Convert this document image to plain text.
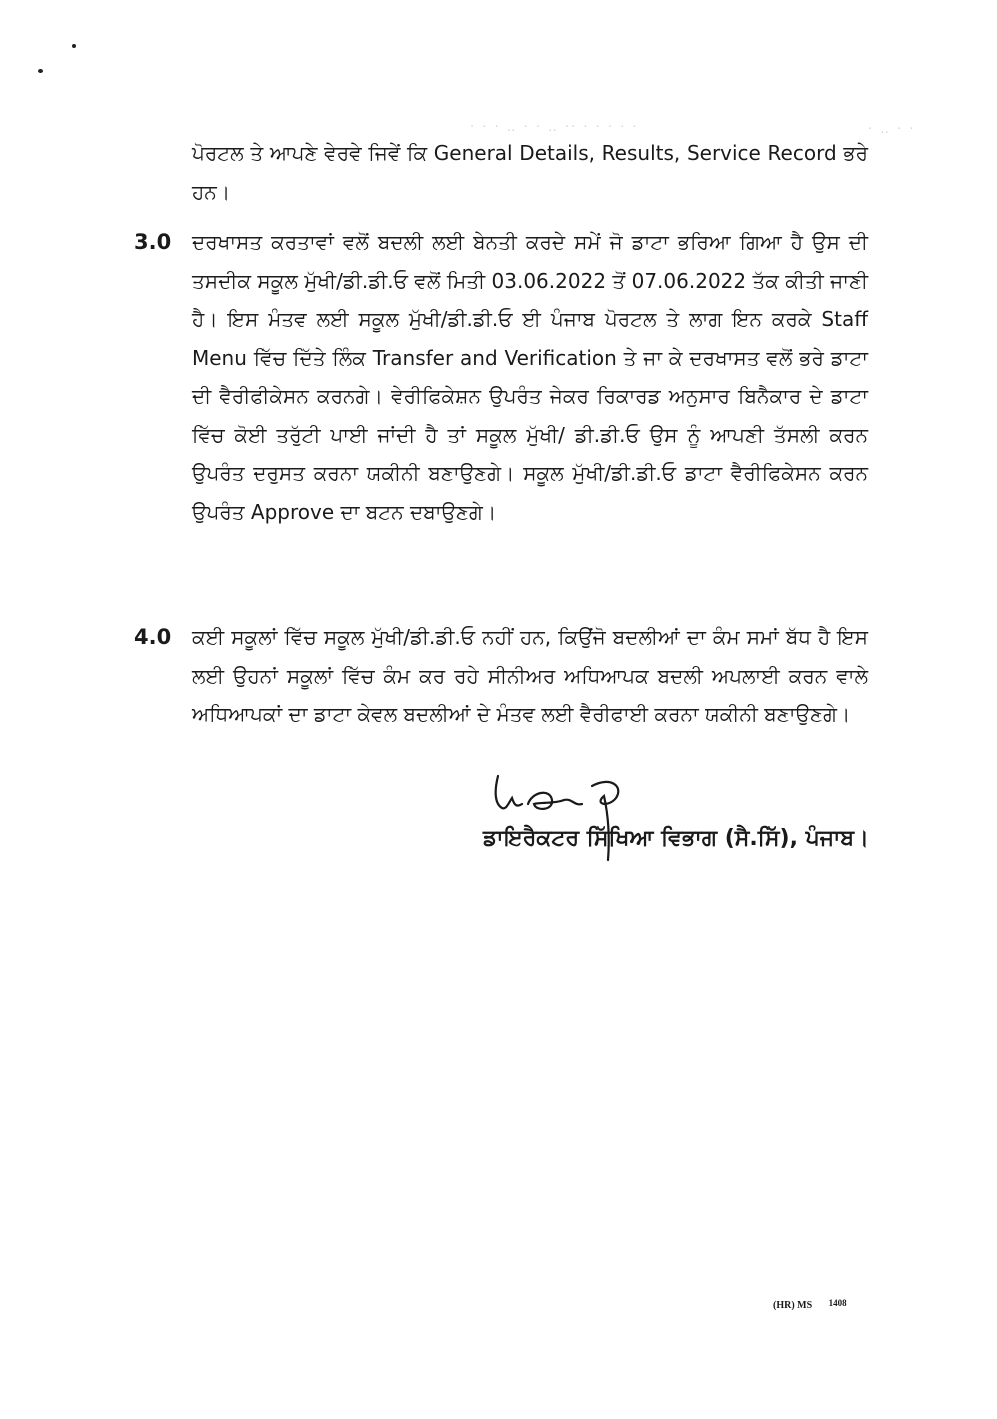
· · · ‥ · · ‥ ·· · · · · ·	· ‥ · ·

ਪੋਰਟਲ ਤੇ ਆਪਣੇ ਵੇਰਵੇ ਜਿਵੇਂ ਕਿ General Details, Results, Service Record ਭਰੇ ਹਨ।

3.0 ਦਰਖਾਸਤ ਕਰਤਾਵਾਂ ਵਲੋਂ ਬਦਲੀ ਲਈ ਬੇਨਤੀ ਕਰਦੇ ਸਮੇਂ ਜੋ ਡਾਟਾ ਭਰਿਆ ਗਿਆ ਹੈ ਉਸ ਦੀ ਤਸਦੀਕ ਸਕੂਲ ਮੁੱਖੀ/ਡੀ.ਡੀ.ਓ ਵਲੋਂ ਮਿਤੀ 03.06.2022 ਤੋਂ 07.06.2022 ਤੱਕ ਕੀਤੀ ਜਾਣੀ ਹੈ। ਇਸ ਮੰਤਵ ਲਈ ਸਕੂਲ ਮੁੱਖੀ/ਡੀ.ਡੀ.ਓ ਈ ਪੰਜਾਬ ਪੋਰਟਲ ਤੇ ਲਾਗ ਇਨ ਕਰਕੇ Staff Menu ਵਿੱਚ ਦਿੱਤੇ ਲਿੰਕ Transfer and Verification ਤੇ ਜਾ ਕੇ ਦਰਖਾਸਤ ਵਲੋਂ ਭਰੇ ਡਾਟਾ ਦੀ ਵੈਰੀਫੀਕੇਸਨ ਕਰਨਗੇ। ਵੇਰੀਫਿਕੇਸ਼ਨ ਉਪਰੰਤ ਜੇਕਰ ਰਿਕਾਰਡ ਅਨੁਸਾਰ ਬਿਨੈਕਾਰ ਦੇ ਡਾਟਾ ਵਿੱਚ ਕੋਈ ਤਰੁੱਟੀ ਪਾਈ ਜਾਂਦੀ ਹੈ ਤਾਂ ਸਕੂਲ ਮੁੱਖੀ/ ਡੀ.ਡੀ.ਓ ਉਸ ਨੂੰ ਆਪਣੀ ਤੱਸਲੀ ਕਰਨ ਉਪਰੰਤ ਦਰੁਸਤ ਕਰਨਾ ਯਕੀਨੀ ਬਣਾਉਣਗੇ। ਸਕੂਲ ਮੁੱਖੀ/ਡੀ.ਡੀ.ਓ ਡਾਟਾ ਵੈਰੀਫਿਕੇਸਨ ਕਰਨ ਉਪਰੰਤ Approve ਦਾ ਬਟਨ ਦਬਾਉਣਗੇ।

4.0 ਕਈ ਸਕੂਲਾਂ ਵਿੱਚ ਸਕੂਲ ਮੁੱਖੀ/ਡੀ.ਡੀ.ਓ ਨਹੀਂ ਹਨ, ਕਿਉਂਜੋ ਬਦਲੀਆਂ ਦਾ ਕੰਮ ਸਮਾਂ ਬੱਧ ਹੈ ਇਸ ਲਈ ਉਹਨਾਂ ਸਕੂਲਾਂ ਵਿੱਚ ਕੰਮ ਕਰ ਰਹੇ ਸੀਨੀਅਰ ਅਧਿਆਪਕ ਬਦਲੀ ਅਪਲਾਈ ਕਰਨ ਵਾਲੇ ਅਧਿਆਪਕਾਂ ਦਾ ਡਾਟਾ ਕੇਵਲ ਬਦਲੀਆਂ ਦੇ ਮੰਤਵ ਲਈ ਵੈਰੀਫਾਈ ਕਰਨਾ ਯਕੀਨੀ ਬਣਾਉਣਗੇ।

ਡਾਇਰੈਕਟਰ ਸਿੱਖਿਆ ਵਿਭਾਗ (ਸੈ.ਸਿੱ), ਪੰਜਾਬ।

(HR) MS 1408
